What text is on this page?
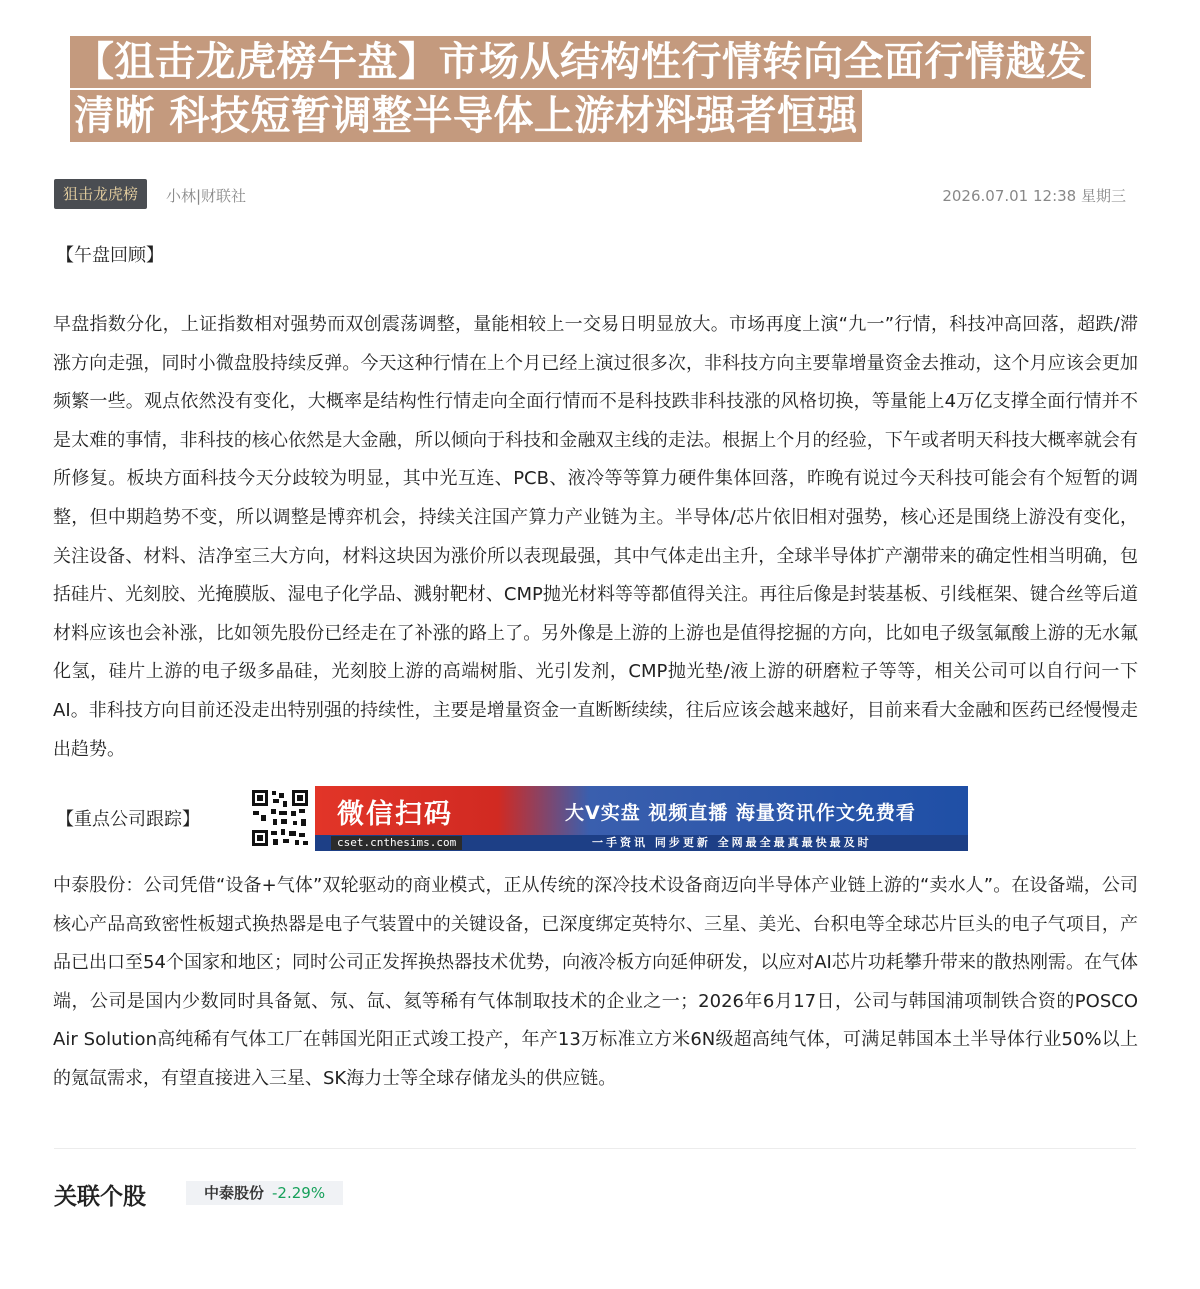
【狙击龙虎榜午盘】市场从结构性行情转向全面行情越发
清晰 科技短暂调整半导体上游材料强者恒强
狙击龙虎榜	小林|财联社	2026.07.01 12:38 星期三
【午盘回顾】

早盘指数分化，上证指数相对强势而双创震荡调整，量能相较上一交易日明显放大。市场再度上演“九一”行情，科技冲高回落，超跌/滞涨方向走强，同时小微盘股持续反弹。今天这种行情在上个月已经上演过很多次，非科技方向主要靠增量资金去推动，这个月应该会更加频繁一些。观点依然没有变化，大概率是结构性行情走向全面行情而不是科技跌非科技涨的风格切换，等量能上4万亿支撑全面行情并不是太难的事情，非科技的核心依然是大金融，所以倾向于科技和金融双主线的走法。根据上个月的经验，下午或者明天科技大概率就会有所修复。板块方面科技今天分歧较为明显，其中光互连、PCB、液冷等等算力硬件集体回落，昨晚有说过今天科技可能会有个短暂的调整，但中期趋势不变，所以调整是博弈机会，持续关注国产算力产业链为主。半导体/芯片依旧相对强势，核心还是围绕上游没有变化，关注设备、材料、洁净室三大方向，材料这块因为涨价所以表现最强，其中气体走出主升，全球半导体扩产潮带来的确定性相当明确，包括硅片、光刻胶、光掩膜版、湿电子化学品、溅射靶材、CMP抛光材料等等都值得关注。再往后像是封装基板、引线框架、键合丝等后道材料应该也会补涨，比如领先股份已经走在了补涨的路上了。另外像是上游的上游也是值得挖掘的方向，比如电子级氢氟酸上游的无水氟化氢，硅片上游的电子级多晶硅，光刻胶上游的高端树脂、光引发剂，CMP抛光垫/液上游的研磨粒子等等，相关公司可以自行问一下AI。非科技方向目前还没走出特别强的持续性，主要是增量资金一直断断续续，往后应该会越来越好，目前来看大金融和医药已经慢慢走出趋势。

【重点公司跟踪】	微信扫码	大V实盘 视频直播 海量资讯作文免费看
cset.cnthesims.com	一手资讯 同步更新 全网最全最真最快最及时

中泰股份：公司凭借“设备+气体”双轮驱动的商业模式，正从传统的深冷技术设备商迈向半导体产业链上游的“卖水人”。在设备端，公司核心产品高致密性板翅式换热器是电子气装置中的关键设备，已深度绑定英特尔、三星、美光、台积电等全球芯片巨头的电子气项目，产品已出口至54个国家和地区；同时公司正发挥换热器技术优势，向液冷板方向延伸研发，以应对AI芯片功耗攀升带来的散热刚需。在气体端，公司是国内少数同时具备氪、氖、氙、氦等稀有气体制取技术的企业之一；2026年6月17日，公司与韩国浦项制铁合资的POSCO Air Solution高纯稀有气体工厂在韩国光阳正式竣工投产，年产13万标准立方米6N级超高纯气体，可满足韩国本土半导体行业50%以上的氪氙需求，有望直接进入三星、SK海力士等全球存储龙头的供应链。

关联个股	中泰股份 -2.29%
